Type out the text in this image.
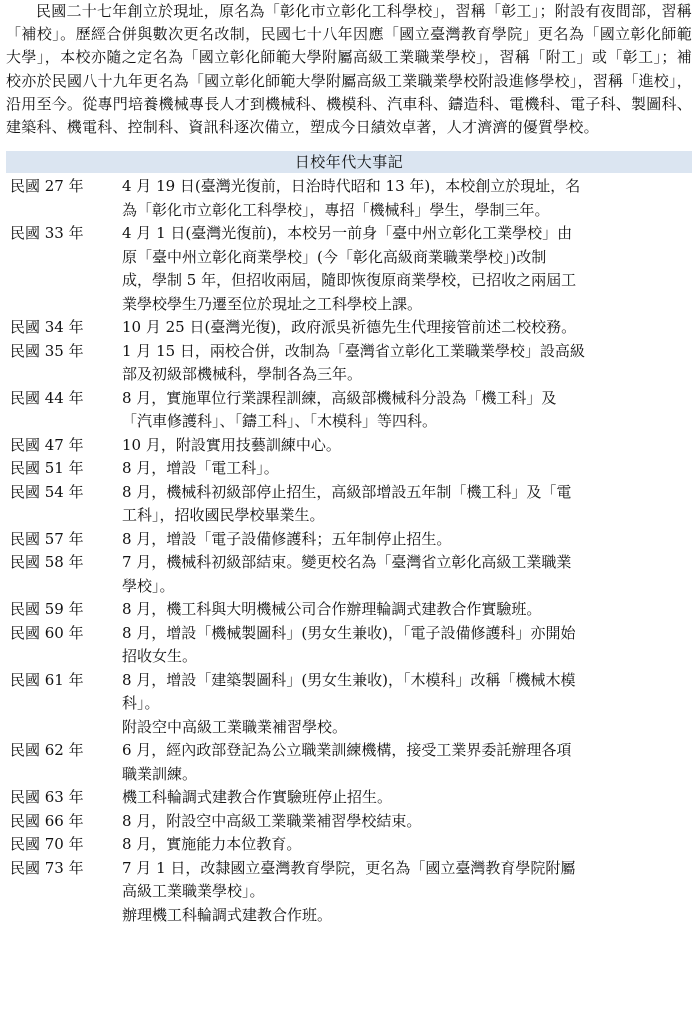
民國二十七年創立於現址，原名為「彰化市立彰化工科學校」，習稱「彰工」；附設有夜間部，習稱「補校」。歷經合併與數次更名改制，民國七十八年因應「國立臺灣教育學院」更名為「國立彰化師範大學」，本校亦隨之定名為「國立彰化師範大學附屬高級工業職業學校」，習稱「附工」或「彰工」；補校亦於民國八十九年更名為「國立彰化師範大學附屬高級工業職業學校附設進修學校」，習稱「進校」，沿用至今。從專門培養機械專長人才到機械科、機模科、汽車科、鑄造科、電機科、電子科、製圖科、建築科、機電科、控制科、資訊科逐次備立，塑成今日績效卓著，人才濟濟的優質學校。

日校年代大事記
民國 27 年	4 月 19 日(臺灣光復前，日治時代昭和 13 年)，本校創立於現址，名
為「彰化市立彰化工科學校」，專招「機械科」學生，學制三年。
民國 33 年	4 月 1 日(臺灣光復前)，本校另一前身「臺中州立彰化工業學校」由
原「臺中州立彰化商業學校」(今「彰化高級商業職業學校」)改制
成，學制 5 年，但招收兩屆，隨即恢復原商業學校，已招收之兩屆工
業學校學生乃遷至位於現址之工科學校上課。
民國 34 年	10 月 25 日(臺灣光復)，政府派吳祈德先生代理接管前述二校校務。
民國 35 年	1 月 15 日，兩校合併，改制為「臺灣省立彰化工業職業學校」設高級
部及初級部機械科，學制各為三年。
民國 44 年	8 月，實施單位行業課程訓練，高級部機械科分設為「機工科」及
「汽車修護科」、「鑄工科」、「木模科」等四科。
民國 47 年	10 月，附設實用技藝訓練中心。
民國 51 年	8 月，增設「電工科」。
民國 54 年	8 月，機械科初級部停止招生，高級部增設五年制「機工科」及「電
工科」，招收國民學校畢業生。
民國 57 年	8 月，增設「電子設備修護科；五年制停止招生。
民國 58 年	7 月，機械科初級部結束。變更校名為「臺灣省立彰化高級工業職業
學校」。
民國 59 年	8 月，機工科與大明機械公司合作辦理輪調式建教合作實驗班。
民國 60 年	8 月，增設「機械製圖科」(男女生兼收)，「電子設備修護科」亦開始
招收女生。
民國 61 年	8 月，增設「建築製圖科」(男女生兼收)，「木模科」改稱「機械木模
科」。
附設空中高級工業職業補習學校。
民國 62 年	6 月，經內政部登記為公立職業訓練機構，接受工業界委託辦理各項
職業訓練。
民國 63 年	機工科輪調式建教合作實驗班停止招生。
民國 66 年	8 月，附設空中高級工業職業補習學校結束。
民國 70 年	8 月，實施能力本位教育。
民國 73 年	7 月 1 日，改隸國立臺灣教育學院，更名為「國立臺灣教育學院附屬
高級工業職業學校」。
辦理機工科輪調式建教合作班。
